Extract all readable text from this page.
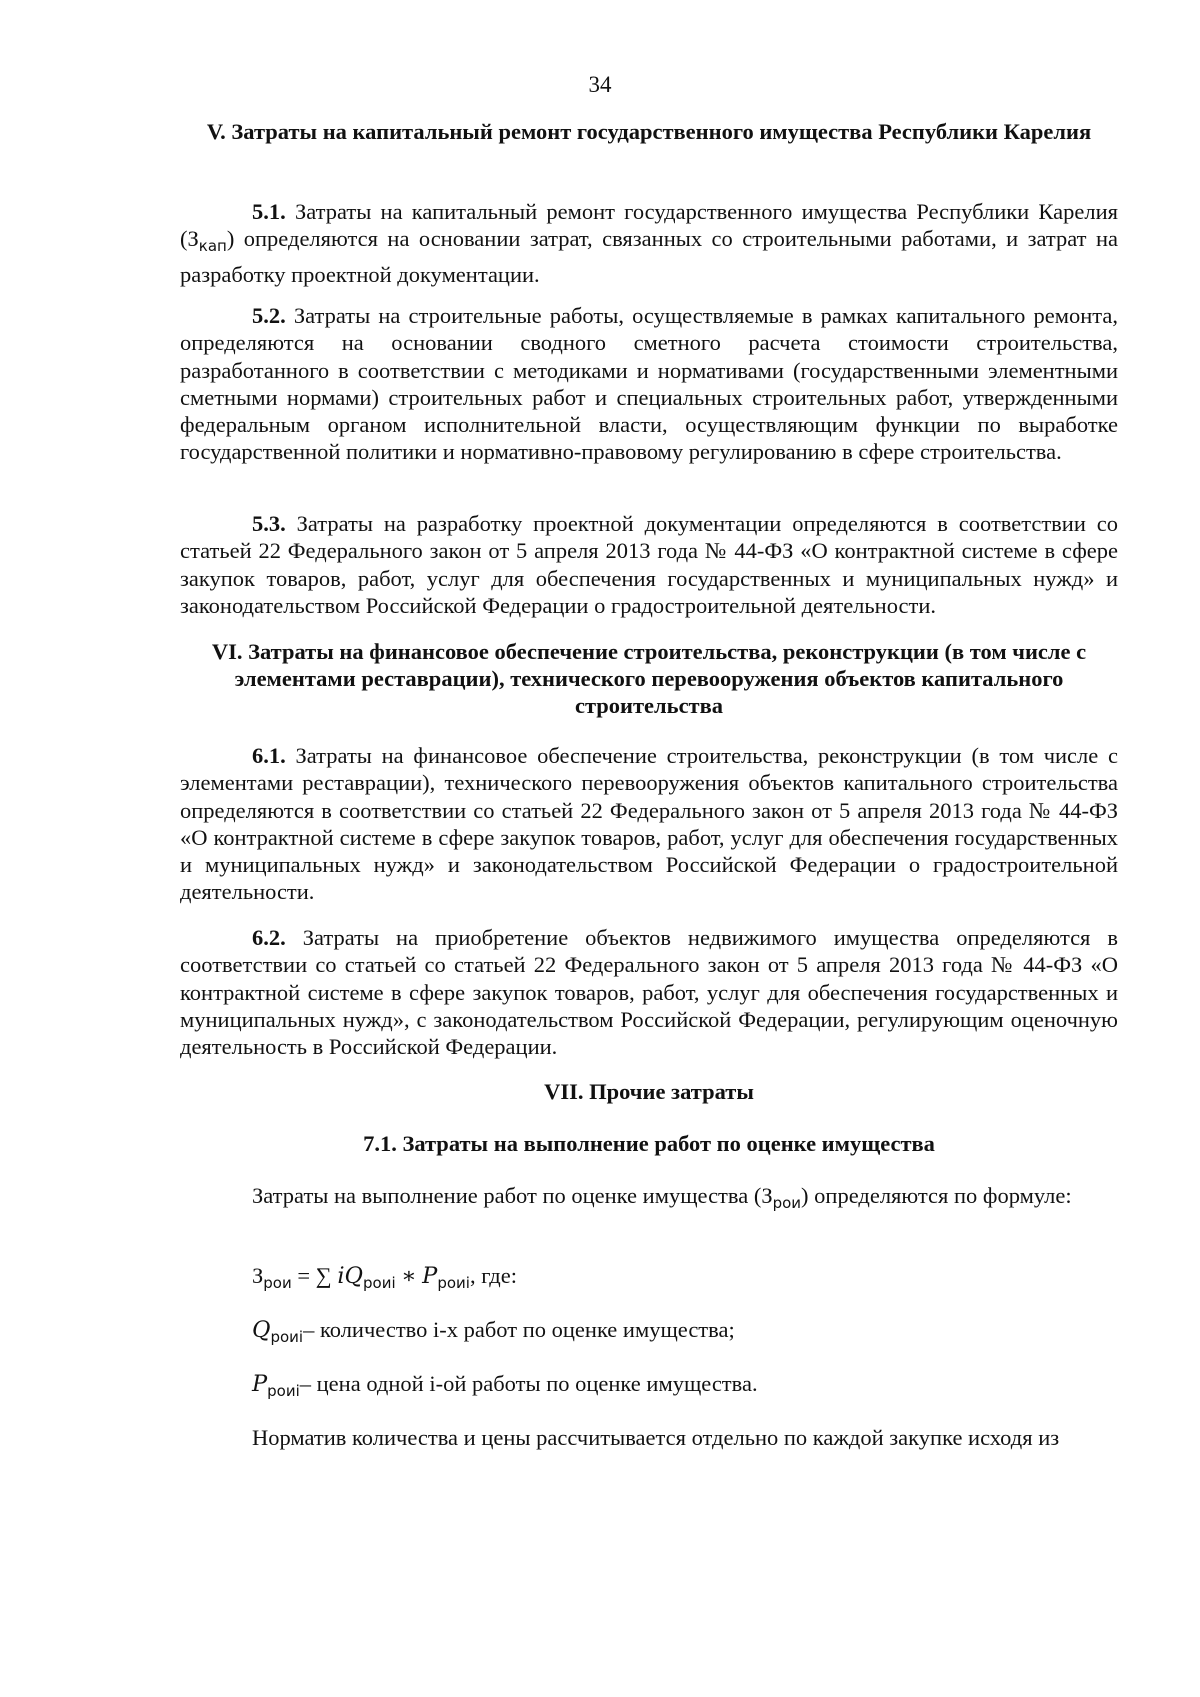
34
V. Затраты на капитальный ремонт государственного имущества Республики Карелия
5.1. Затраты на капитальный ремонт государственного имущества Республики Карелия $(З_{кап})$ определяются на основании затрат, связанных со строительными работами, и затрат на разработку проектной документации.
5.2. Затраты на строительные работы, осуществляемые в рамках капитального ремонта, определяются на основании сводного сметного расчета стоимости строительства, разработанного в соответствии с методиками и нормативами (государственными элементными сметными нормами) строительных работ и специальных строительных работ, утвержденными федеральным органом исполнительной власти, осуществляющим функции по выработке государственной политики и нормативно-правовому регулированию в сфере строительства.
5.3. Затраты на разработку проектной документации определяются в соответствии со статьей 22 Федерального закон от 5 апреля 2013 года № 44-ФЗ «О контрактной системе в сфере закупок товаров, работ, услуг для обеспечения государственных и муниципальных нужд» и законодательством Российской Федерации о градостроительной деятельности.
VI. Затраты на финансовое обеспечение строительства, реконструкции (в том числе с элементами реставрации), технического перевооружения объектов капитального строительства
6.1. Затраты на финансовое обеспечение строительства, реконструкции (в том числе с элементами реставрации), технического перевооружения объектов капитального строительства определяются в соответствии со статьей 22 Федерального закон от 5 апреля 2013 года № 44-ФЗ «О контрактной системе в сфере закупок товаров, работ, услуг для обеспечения государственных и муниципальных нужд» и законодательством Российской Федерации о градостроительной деятельности.
6.2. Затраты на приобретение объектов недвижимого имущества определяются в соответствии со статьей со статьей 22 Федерального закон от 5 апреля 2013 года № 44-ФЗ «О контрактной системе в сфере закупок товаров, работ, услуг для обеспечения государственных и муниципальных нужд», с законодательством Российской Федерации, регулирующим оценочную деятельность в Российской Федерации.
VII. Прочие затраты
7.1. Затраты на выполнение работ по оценке имущества
Затраты на выполнение работ по оценке имущества $(З_{рои})$ определяются по формуле:
$З_{рои}$ = ∑ $iQ_{роиi}$ ∗ $P_{роиi}$, где:
$Q_{роиi}-$ количество i-х работ по оценке имущества;
$P_{роиi}-$ цена одной i-ой работы по оценке имущества.
Норматив количества и цены рассчитывается отдельно по каждой закупке исходя из
